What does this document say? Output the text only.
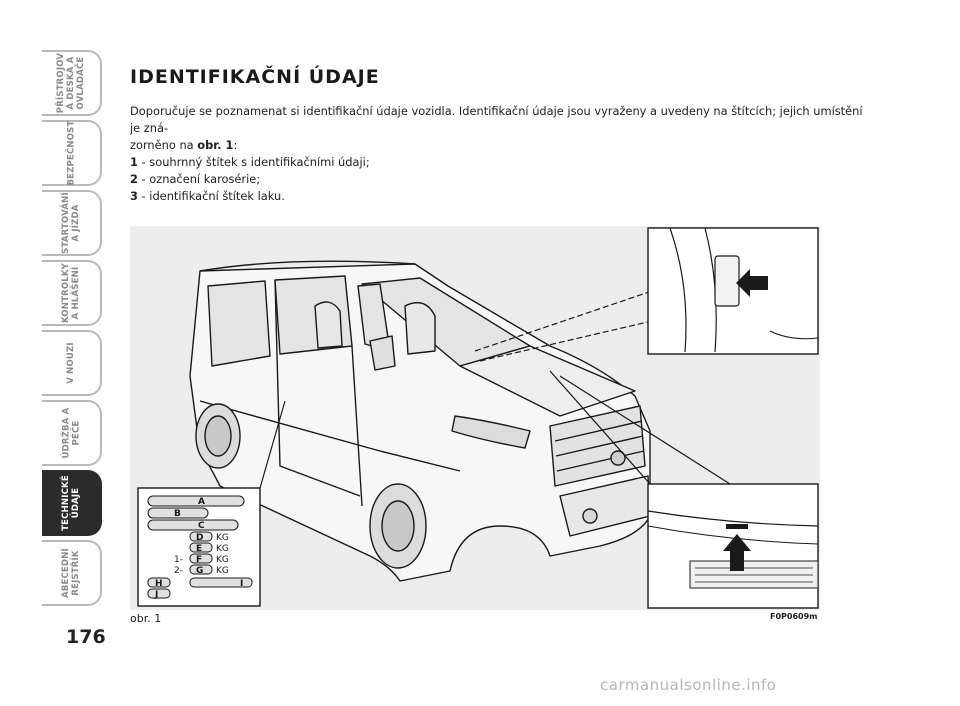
PŘÍSTROJOV
Á DESKA A
OVLADAČE
BEZPEČNOST
STARTOVÁNÍ
A JÍZDA
KONTROLKY
A HLÁŠENÍ
V NOUZI
ÚDRŽBA A
PÉČE
TECHNICKÉ
ÚDAJE
ABECEDNÍ
REJSTŘÍK
176
IDENTIFIKAČNÍ ÚDAJE

Doporučuje se poznamenat si identifikační údaje vozidla. Identifikační údaje jsou vyraženy a uvedeny na štítcích; jejich umístění je zná-
zorněno na obr. 1:

1 - souhrnný štítek s identifikačními údaji;

2 - označení karosérie;

3 - identifikační štítek laku.

A
B
C
D
E
F
G
KG
KG
KG
KG
1-
2-
H	I
J
obr. 1	F0P0609m
carmanualsonline.info
